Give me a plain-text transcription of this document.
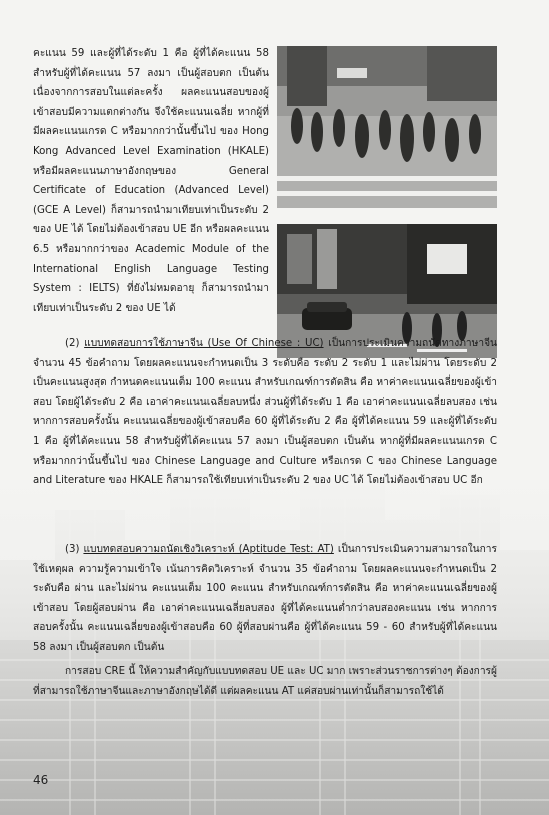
คะแนน 59 และผู้ที่ได้ระดับ 1 คือ ผู้ที่ได้คะแนน 58 สำหรับผู้ที่ได้คะแนน 57 ลงมา เป็นผู้สอบตก เป็นต้น เนื่องจากการสอบในแต่ละครั้ง ผลคะแนนสอบของผู้เข้าสอบมีความแตกต่างกัน จึงใช้คะแนนเฉลี่ย หากผู้ที่มีผลคะแนนเกรด C หรือมากกว่านั้นขึ้นไป ของ Hong Kong Advanced Level Examination (HKALE) หรือมีผลคะแนนภาษาอังกฤษของ General Certificate of Education (Advanced Level) (GCE A Level) ก็สามารถนำมาเทียบเท่าเป็นระดับ 2 ของ UE ได้ โดยไม่ต้องเข้าสอบ UE อีก หรือผลคะแนน 6.5 หรือมากกว่าของ Academic Module of the International English Language Testing System : IELTS) ที่ยังไม่หมดอายุ ก็สามารถนำมาเทียบเท่าเป็นระดับ 2 ของ UE ได้

(2) แบบทดสอบการใช้ภาษาจีน (Use Of Chinese : UC) เป็นการประเมินความถนัดทางภาษาจีน จำนวน 45 ข้อคำถาม โดยผลคะแนนจะกำหนดเป็น 3 ระดับคือ ระดับ 2 ระดับ 1 และไม่ผ่าน โดยระดับ 2 เป็นคะแนนสูงสุด กำหนดคะแนนเต็ม 100 คะแนน สำหรับเกณฑ์การตัดสิน คือ หาค่าคะแนนเฉลี่ยของผู้เข้าสอบ โดยผู้ได้ระดับ 2 คือ เอาค่าคะแนนเฉลี่ยลบหนึ่ง ส่วนผู้ที่ได้ระดับ 1 คือ เอาค่าคะแนนเฉลี่ยลบสอง เช่น หากการสอบครั้งนั้น คะแนนเฉลี่ยของผู้เข้าสอบคือ 60 ผู้ที่ได้ระดับ 2 คือ ผู้ที่ได้คะแนน 59 และผู้ที่ได้ระดับ 1 คือ ผู้ที่ได้คะแนน 58 สำหรับผู้ที่ได้คะแนน 57 ลงมา เป็นผู้สอบตก เป็นต้น หากผู้ที่มีผลคะแนนเกรด C หรือมากกว่านั้นขึ้นไป ของ Chinese Language and Culture หรือเกรด C ของ Chinese Language and Literature ของ HKALE ก็สามารถใช้เทียบเท่าเป็นระดับ 2 ของ UC ได้ โดยไม่ต้องเข้าสอบ UC อีก

(3) แบบทดสอบความถนัดเชิงวิเคราะห์ (Aptitude Test: AT) เป็นการประเมินความสามารถในการใช้เหตุผล ความรู้ความเข้าใจ เน้นการคิดวิเคราะห์ จำนวน 35 ข้อคำถาม โดยผลคะแนนจะกำหนดเป็น 2 ระดับคือ ผ่าน และไม่ผ่าน คะแนนเต็ม 100 คะแนน สำหรับเกณฑ์การตัดสิน คือ หาค่าคะแนนเฉลี่ยของผู้เข้าสอบ โดยผู้สอบผ่าน คือ เอาค่าคะแนนเฉลี่ยลบสอง ผู้ที่ได้คะแนนต่ำกว่าลบสองคะแนน เช่น หากการสอบครั้งนั้น คะแนนเฉลี่ยของผู้เข้าสอบคือ 60 ผู้ที่สอบผ่านคือ ผู้ที่ได้คะแนน 59 - 60 สำหรับผู้ที่ได้คะแนน 58 ลงมา เป็นผู้สอบตก เป็นต้น

การสอบ CRE นี้ ให้ความสำคัญกับแบบทดสอบ UE และ UC มาก เพราะส่วนราชการต่างๆ ต้องการผู้ที่สามารถใช้ภาษาจีนและภาษาอังกฤษได้ดี แต่ผลคะแนน AT แค่สอบผ่านเท่านั้นก็สามารถใช้ได้

46
